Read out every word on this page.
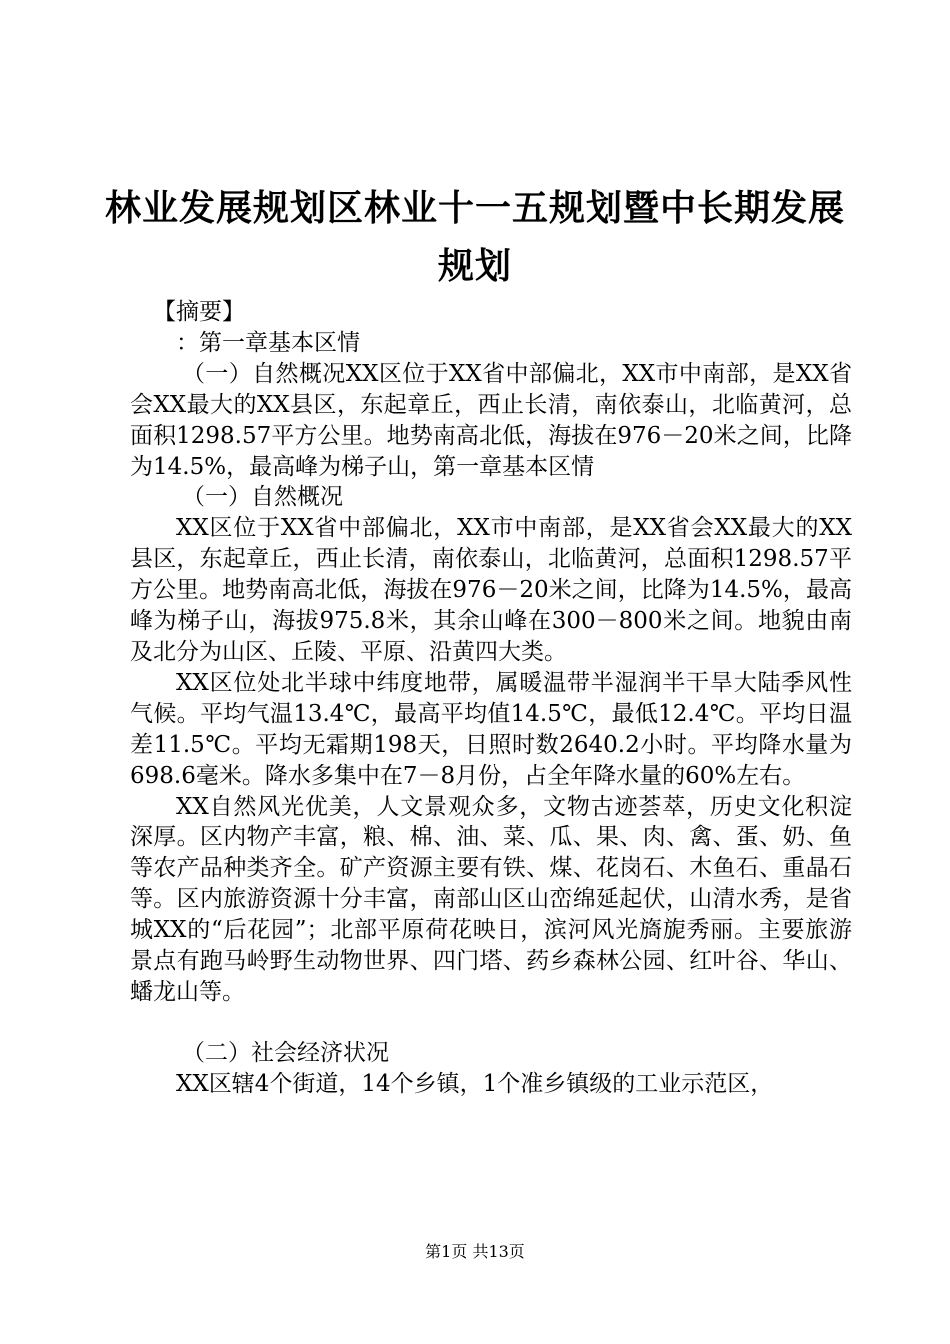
林业发展规划区林业十一五规划暨中长期发展规划

【摘要】

：第一章基本区情

（一）自然概况XX区位于XX省中部偏北，XX市中南部，是XX省会XX最大的XX县区，东起章丘，西止长清，南依泰山，北临黄河，总面积1298.57平方公里。地势南高北低，海拔在976－20米之间，比降为14.5%，最高峰为梯子山，第一章基本区情

（一）自然概况

XX区位于XX省中部偏北，XX市中南部，是XX省会XX最大的XX县区，东起章丘，西止长清，南依泰山，北临黄河，总面积1298.57平方公里。地势南高北低，海拔在976－20米之间，比降为14.5%，最高峰为梯子山，海拔975.8米，其余山峰在300－800米之间。地貌由南及北分为山区、丘陵、平原、沿黄四大类。

XX区位处北半球中纬度地带，属暖温带半湿润半干旱大陆季风性气候。平均气温13.4℃，最高平均值14.5℃，最低12.4℃。平均日温差11.5℃。平均无霜期198天，日照时数2640.2小时。平均降水量为698.6毫米。降水多集中在7－8月份，占全年降水量的60%左右。

XX自然风光优美，人文景观众多，文物古迹荟萃，历史文化积淀深厚。区内物产丰富，粮、棉、油、菜、瓜、果、肉、禽、蛋、奶、鱼等农产品种类齐全。矿产资源主要有铁、煤、花岗石、木鱼石、重晶石等。区内旅游资源十分丰富，南部山区山峦绵延起伏，山清水秀，是省城XX的“后花园”；北部平原荷花映日，滨河风光旖旎秀丽。主要旅游景点有跑马岭野生动物世界、四门塔、药乡森林公园、红叶谷、华山、蟠龙山等。

（二）社会经济状况

XX区辖4个街道，14个乡镇，1个准乡镇级的工业示范区，

第1页 共13页
